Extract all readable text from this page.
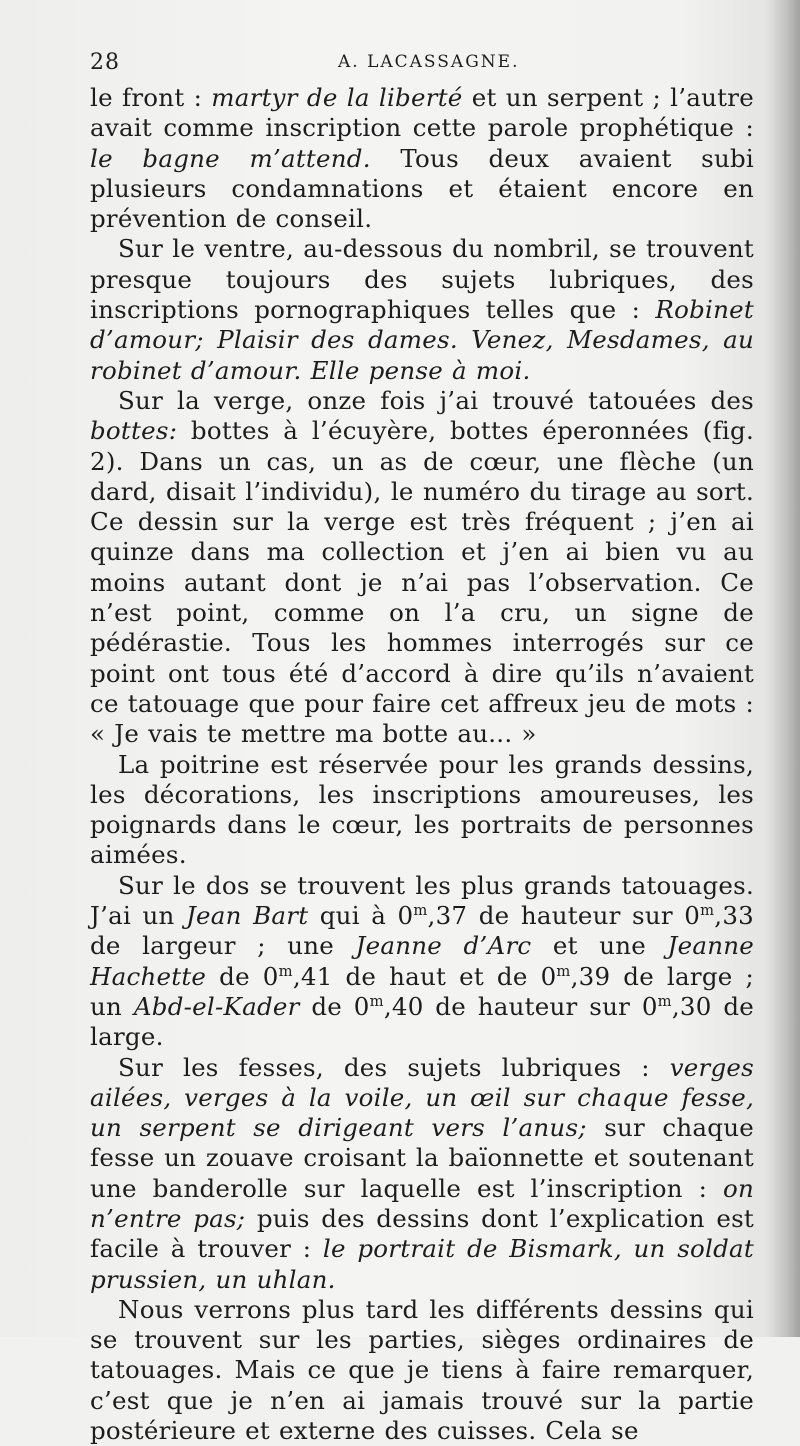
28	A. LACASSAGNE.

le front : martyr de la liberté et un serpent ; l’autre avait comme inscription cette parole prophétique : le bagne m’attend. Tous deux avaient subi plusieurs condamnations et étaient encore en prévention de conseil.

Sur le ventre, au-dessous du nombril, se trouvent presque toujours des sujets lubriques, des inscriptions pornographiques telles que : Robinet d’amour; Plaisir des dames. Venez, Mesdames, au robinet d’amour. Elle pense à moi.

Sur la verge, onze fois j’ai trouvé tatouées des bottes: bottes à l’écuyère, bottes éperonnées (fig. 2). Dans un cas, un as de cœur, une flèche (un dard, disait l’individu), le numéro du tirage au sort. Ce dessin sur la verge est très fréquent ; j’en ai quinze dans ma collection et j’en ai bien vu au moins autant dont je n’ai pas l’observation. Ce n’est point, comme on l’a cru, un signe de pédérastie. Tous les hommes interrogés sur ce point ont tous été d’accord à dire qu’ils n’avaient ce tatouage que pour faire cet affreux jeu de mots : « Je vais te mettre ma botte au... »

La poitrine est réservée pour les grands dessins, les décorations, les inscriptions amoureuses, les poignards dans le cœur, les portraits de personnes aimées.

Sur le dos se trouvent les plus grands tatouages. J’ai un Jean Bart qui à 0$^m$,37 de hauteur sur 0$^m$,33 de largeur ; une Jeanne d’Arc et une Jeanne Hachette de 0$^m$,41 de haut et de 0$^m$,39 de large ; un Abd-el-Kader de 0$^m$,40 de hauteur sur 0$^m$,30 de large.

Sur les fesses, des sujets lubriques : verges ailées, verges à la voile, un œil sur chaque fesse, un serpent se dirigeant vers l’anus; sur chaque fesse un zouave croisant la baïonnette et soutenant une banderolle sur laquelle est l’inscription : on n’entre pas; puis des dessins dont l’explication est facile à trouver : le portrait de Bismark, un soldat prussien, un uhlan.

Nous verrons plus tard les différents dessins qui se trouvent sur les parties, sièges ordinaires de tatouages. Mais ce que je tiens à faire remarquer, c’est que je n’en ai jamais trouvé sur la partie postérieure et externe des cuisses. Cela se
